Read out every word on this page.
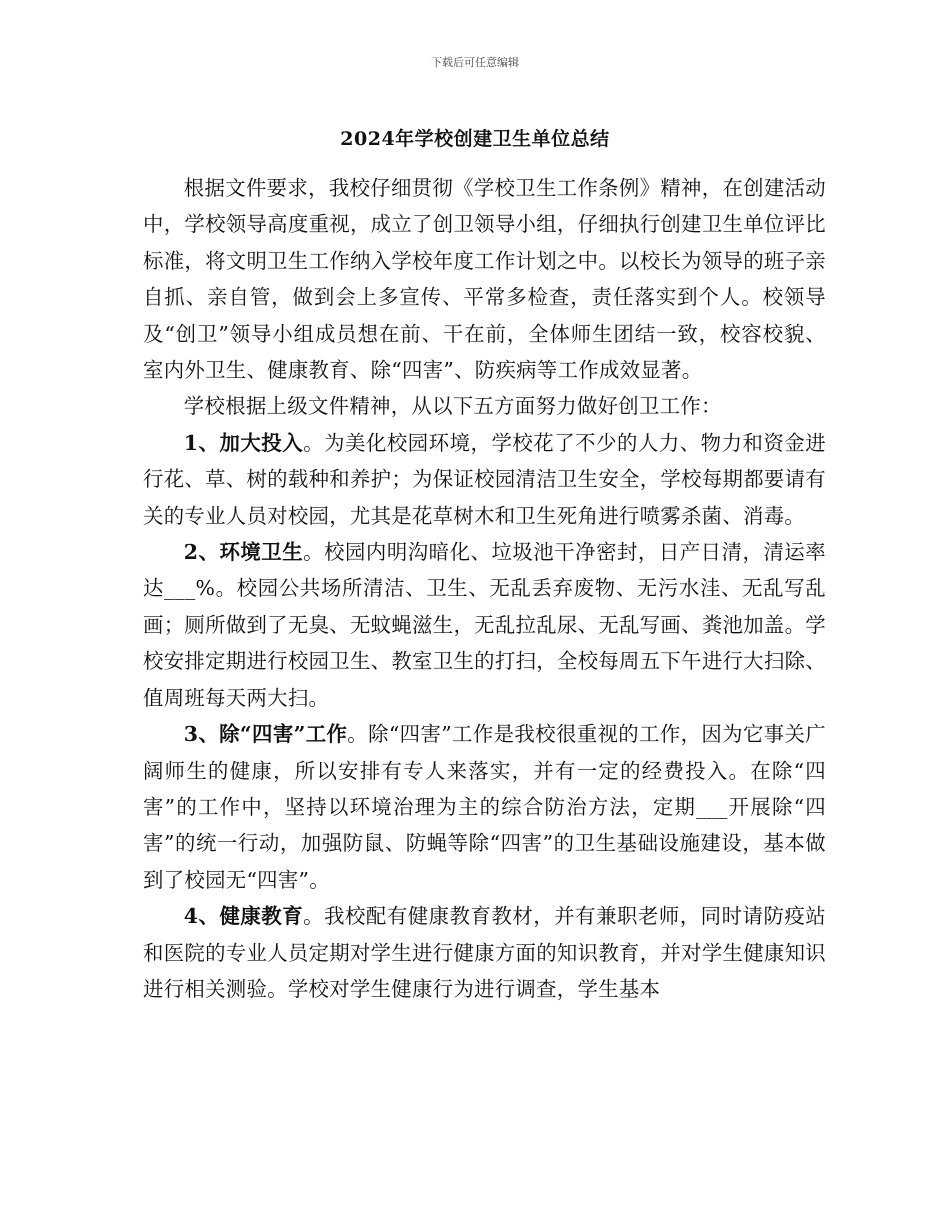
下载后可任意编辑
2024年学校创建卫生单位总结

根据文件要求，我校仔细贯彻《学校卫生工作条例》精神，在创建活动中，学校领导高度重视，成立了创卫领导小组，仔细执行创建卫生单位评比标准，将文明卫生工作纳入学校年度工作计划之中。以校长为领导的班子亲自抓、亲自管，做到会上多宣传、平常多检查，责任落实到个人。校领导及“创卫”领导小组成员想在前、干在前，全体师生团结一致，校容校貌、室内外卫生、健康教育、除“四害”、防疾病等工作成效显著。

学校根据上级文件精神，从以下五方面努力做好创卫工作：

1、加大投入。为美化校园环境，学校花了不少的人力、物力和资金进行花、草、树的载种和养护；为保证校园清洁卫生安全，学校每期都要请有关的专业人员对校园，尤其是花草树木和卫生死角进行喷雾杀菌、消毒。

2、环境卫生。校园内明沟暗化、垃圾池干净密封，日产日清，清运率达___%。校园公共场所清洁、卫生、无乱丢弃废物、无污水洼、无乱写乱画；厕所做到了无臭、无蚊蝇滋生，无乱拉乱尿、无乱写画、粪池加盖。学校安排定期进行校园卫生、教室卫生的打扫，全校每周五下午进行大扫除、值周班每天两大扫。

3、除“四害”工作。除“四害”工作是我校很重视的工作，因为它事关广阔师生的健康，所以安排有专人来落实，并有一定的经费投入。在除“四害”的工作中，坚持以环境治理为主的综合防治方法，定期___开展除“四害”的统一行动，加强防鼠、防蝇等除“四害”的卫生基础设施建设，基本做到了校园无“四害”。

4、健康教育。我校配有健康教育教材，并有兼职老师，同时请防疫站和医院的专业人员定期对学生进行健康方面的知识教育，并对学生健康知识进行相关测验。学校对学生健康行为进行调查，学生基本
